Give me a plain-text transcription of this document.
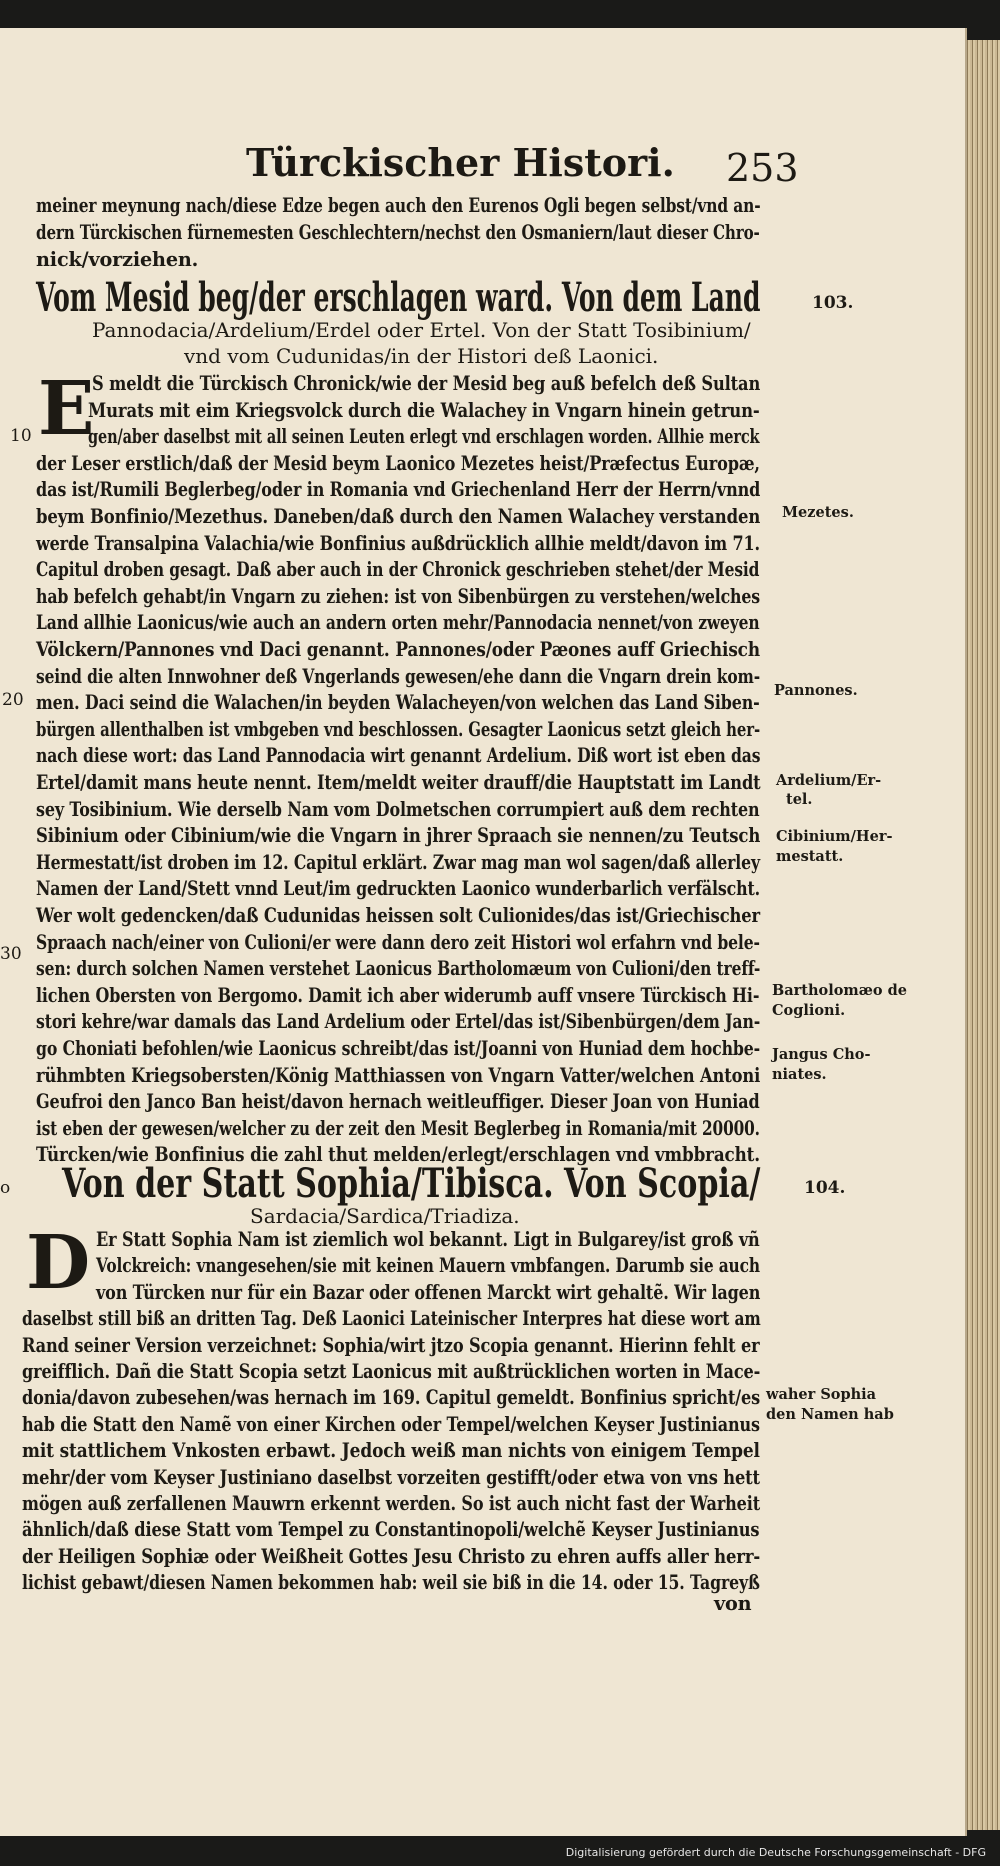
Türckischer Histori. 253
meiner meynung nach/diese Edze begen auch den Eurenos Ogli begen selbst/vnd an-
dern Türckischen fürnemesten Geschlechtern/nechst den Osmaniern/laut dieser Chro-
nick/vorziehen.
Vom Mesid beg/der erschlagen ward. Von dem Land	103.
Pannodacia/Ardelium/Erdel oder Ertel. Von der Statt Tosibinium/
vnd vom Cudunidas/in der Histori deß Laonici.
E
S meldt die Türckisch Chronick/wie der Mesid beg auß befelch deß Sultan
Murats mit eim Kriegsvolck durch die Walachey in Vngarn hinein getrun-
gen/aber daselbst mit all seinen Leuten erlegt vnd erschlagen worden. Allhie merck
der Leser erstlich/daß der Mesid beym Laonico Mezetes heist/Præfectus Europæ,
das ist/Rumili Beglerbeg/oder in Romania vnd Griechenland Herr der Herrn/vnnd
beym Bonfinio/Mezethus. Daneben/daß durch den Namen Walachey verstanden
werde Transalpina Valachia/wie Bonfinius außdrücklich allhie meldt/davon im 71.
Capitul droben gesagt. Daß aber auch in der Chronick geschrieben stehet/der Mesid
hab befelch gehabt/in Vngarn zu ziehen: ist von Sibenbürgen zu verstehen/welches
Land allhie Laonicus/wie auch an andern orten mehr/Pannodacia nennet/von zweyen
Völckern/Pannones vnd Daci genannt. Pannones/oder Pæones auff Griechisch
seind die alten Innwohner deß Vngerlands gewesen/ehe dann die Vngarn drein kom-
men. Daci seind die Walachen/in beyden Walacheyen/von welchen das Land Siben-
bürgen allenthalben ist vmbgeben vnd beschlossen. Gesagter Laonicus setzt gleich her-
nach diese wort: das Land Pannodacia wirt genannt Ardelium. Diß wort ist eben das
Ertel/damit mans heute nennt. Item/meldt weiter drauff/die Hauptstatt im Landt
sey Tosibinium. Wie derselb Nam vom Dolmetschen corrumpiert auß dem rechten
Sibinium oder Cibinium/wie die Vngarn in jhrer Spraach sie nennen/zu Teutsch
Hermestatt/ist droben im 12. Capitul erklärt. Zwar mag man wol sagen/daß allerley
Namen der Land/Stett vnnd Leut/im gedruckten Laonico wunderbarlich verfälscht.
Wer wolt gedencken/daß Cudunidas heissen solt Culionides/das ist/Griechischer
Spraach nach/einer von Culioni/er were dann dero zeit Histori wol erfahrn vnd bele-
sen: durch solchen Namen verstehet Laonicus Bartholomæum von Culioni/den treff-
lichen Obersten von Bergomo. Damit ich aber widerumb auff vnsere Türckisch Hi-
stori kehre/war damals das Land Ardelium oder Ertel/das ist/Sibenbürgen/dem Jan-
go Choniati befohlen/wie Laonicus schreibt/das ist/Joanni von Huniad dem hochbe-
rühmbten Kriegsobersten/König Matthiassen von Vngarn Vatter/welchen Antoni
Geufroi den Janco Ban heist/davon hernach weitleuffiger. Dieser Joan von Huniad
ist eben der gewesen/welcher zu der zeit den Mesit Beglerbeg in Romania/mit 20000.
Türcken/wie Bonfinius die zahl thut melden/erlegt/erschlagen vnd vmbbracht.
Von der Statt Sophia/Tibisca. Von Scopia/	104.
Sardacia/Sardica/Triadiza.
D Er Statt Sophia Nam ist ziemlich wol bekannt. Ligt in Bulgarey/ist groß vñ
Volckreich: vnangesehen/sie mit keinen Mauern vmbfangen. Darumb sie auch
von Türcken nur für ein Bazar oder offenen Marckt wirt gehaltẽ. Wir lagen
daselbst still biß an dritten Tag. Deß Laonici Lateinischer Interpres hat diese wort am
Rand seiner Version verzeichnet: Sophia/wirt jtzo Scopia genannt. Hierinn fehlt er
greifflich. Dañ die Statt Scopia setzt Laonicus mit außtrücklichen worten in Mace-
donia/davon zubesehen/was hernach im 169. Capitul gemeldt. Bonfinius spricht/es
hab die Statt den Namẽ von einer Kirchen oder Tempel/welchen Keyser Justinianus
mit stattlichem Vnkosten erbawt. Jedoch weiß man nichts von einigem Tempel
mehr/der vom Keyser Justiniano daselbst vorzeiten gestifft/oder etwa von vns hett
mögen auß zerfallenen Mauwrn erkennt werden. So ist auch nicht fast der Warheit
ähnlich/daß diese Statt vom Tempel zu Constantinopoli/welchẽ Keyser Justinianus
der Heiligen Sophiæ oder Weißheit Gottes Jesu Christo zu ehren auffs aller herr-
lichist gebawt/diesen Namen bekommen hab: weil sie biß in die 14. oder 15. Tagreyß
von
Mezetes.
Pannones.
Ardelium/Er-
tel.
Cibinium/Her-
mestatt.
Bartholomæo de
Coglioni.
Jangus Cho-
niates.
waher Sophia
den Namen hab
10
20
30
o
Digitalisierung gefördert durch die Deutsche Forschungsgemeinschaft - DFG
